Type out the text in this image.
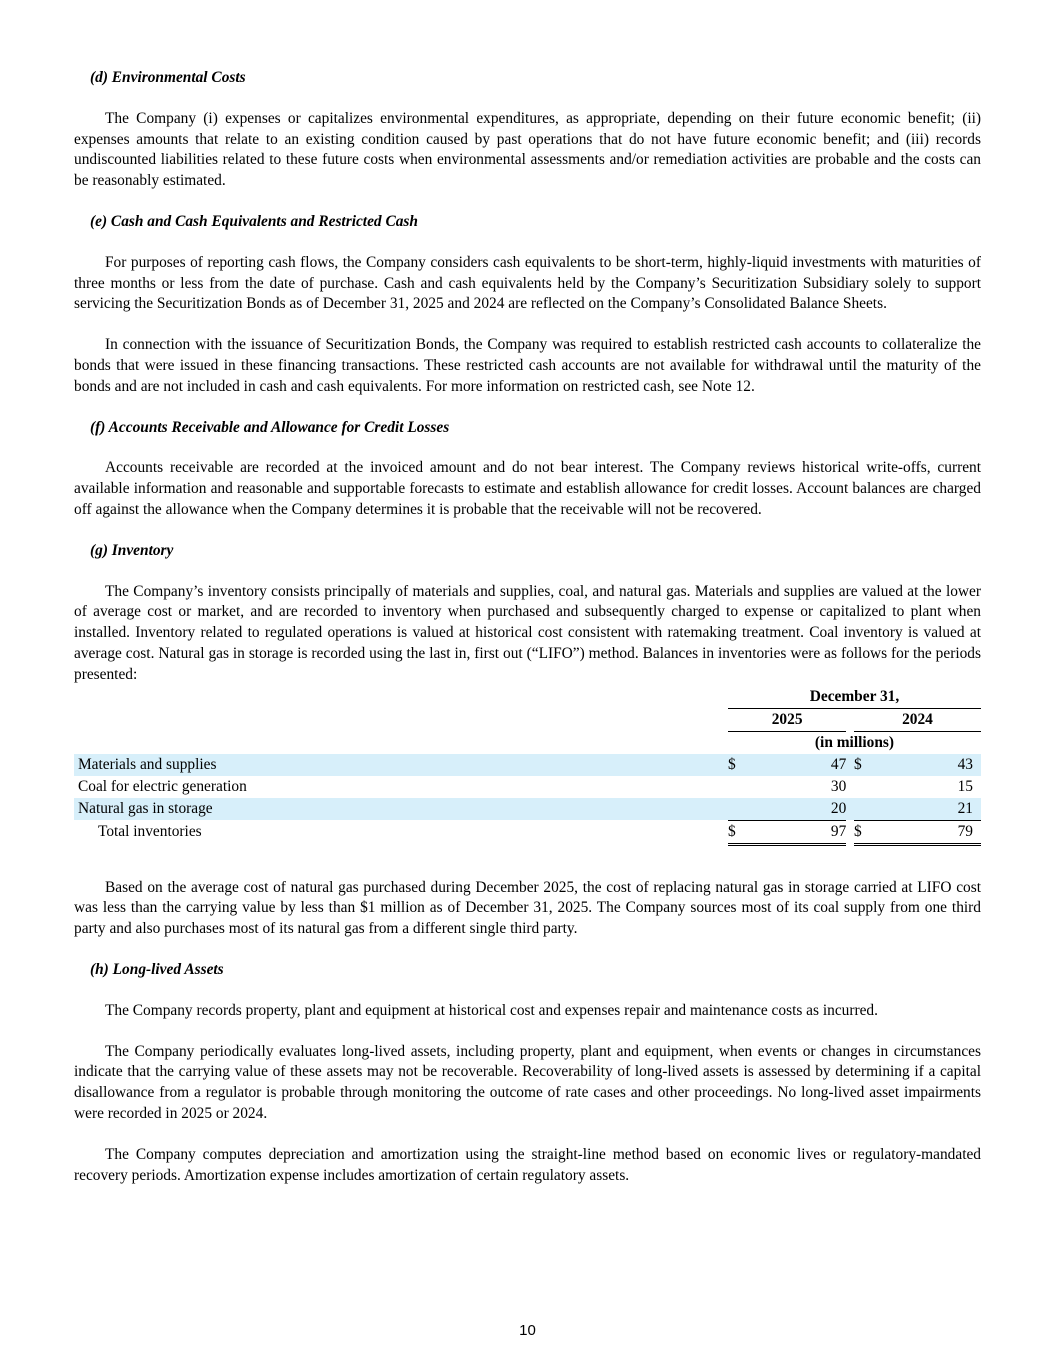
(d) Environmental Costs

The Company (i) expenses or capitalizes environmental expenditures, as appropriate, depending on their future economic benefit; (ii) expenses amounts that relate to an existing condition caused by past operations that do not have future economic benefit; and (iii) records undiscounted liabilities related to these future costs when environmental assessments and/or remediation activities are probable and the costs can be reasonably estimated.

(e) Cash and Cash Equivalents and Restricted Cash

For purposes of reporting cash flows, the Company considers cash equivalents to be short-term, highly-liquid investments with maturities of three months or less from the date of purchase. Cash and cash equivalents held by the Company’s Securitization Subsidiary solely to support servicing the Securitization Bonds as of December 31, 2025 and 2024 are reflected on the Company’s Consolidated Balance Sheets.

In connection with the issuance of Securitization Bonds, the Company was required to establish restricted cash accounts to collateralize the bonds that were issued in these financing transactions. These restricted cash accounts are not available for withdrawal until the maturity of the bonds and are not included in cash and cash equivalents. For more information on restricted cash, see Note 12.

(f) Accounts Receivable and Allowance for Credit Losses

Accounts receivable are recorded at the invoiced amount and do not bear interest. The Company reviews historical write-offs, current available information and reasonable and supportable forecasts to estimate and establish allowance for credit losses. Account balances are charged off against the allowance when the Company determines it is probable that the receivable will not be recovered.

(g) Inventory

The Company’s inventory consists principally of materials and supplies, coal, and natural gas. Materials and supplies are valued at the lower of average cost or market, and are recorded to inventory when purchased and subsequently charged to expense or capitalized to plant when installed. Inventory related to regulated operations is valued at historical cost consistent with ratemaking treatment. Coal inventory is valued at average cost. Natural gas in storage is recorded using the last in, first out (“LIFO”) method. Balances in inventories were as follows for the periods presented:

	December 31,				
	2025			2024	
	(in millions)				
Materials and supplies	$	47		$	43
Coal for electric generation		30			15
Natural gas in storage		20			21
Total inventories	$	97		$	79

Based on the average cost of natural gas purchased during December 2025, the cost of replacing natural gas in storage carried at LIFO cost was less than the carrying value by less than $1 million as of December 31, 2025. The Company sources most of its coal supply from one third party and also purchases most of its natural gas from a different single third party.

(h) Long-lived Assets

The Company records property, plant and equipment at historical cost and expenses repair and maintenance costs as incurred.

The Company periodically evaluates long-lived assets, including property, plant and equipment, when events or changes in circumstances indicate that the carrying value of these assets may not be recoverable. Recoverability of long-lived assets is assessed by determining if a capital disallowance from a regulator is probable through monitoring the outcome of rate cases and other proceedings. No long-lived asset impairments were recorded in 2025 or 2024.

The Company computes depreciation and amortization using the straight-line method based on economic lives or regulatory-mandated recovery periods. Amortization expense includes amortization of certain regulatory assets.

10
